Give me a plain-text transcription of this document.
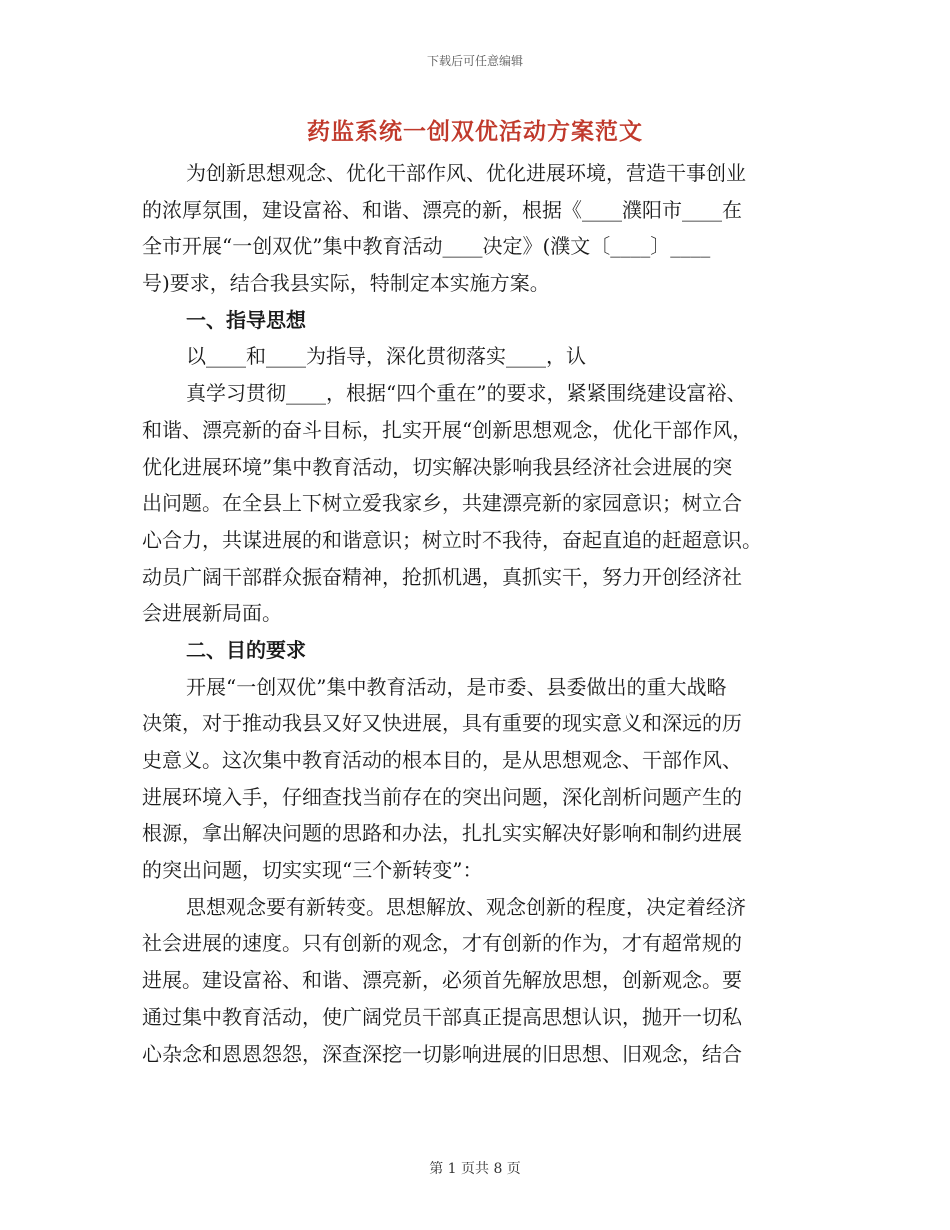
下载后可任意编辑
药监系统一创双优活动方案范文
为创新思想观念、优化干部作风、优化进展环境，营造干事创业
的浓厚氛围，建设富裕、和谐、漂亮的新，根据《____濮阳市____在
全市开展“一创双优”集中教育活动____决定》(濮文〔____〕____
号)要求，结合我县实际，特制定本实施方案。
一、指导思想
以____和____为指导，深化贯彻落实____，认
真学习贯彻____，根据“四个重在”的要求，紧紧围绕建设富裕、
和谐、漂亮新的奋斗目标，扎实开展“创新思想观念，优化干部作风，
优化进展环境”集中教育活动，切实解决影响我县经济社会进展的突
出问题。在全县上下树立爱我家乡，共建漂亮新的家园意识；树立合
心合力，共谋进展的和谐意识；树立时不我待，奋起直追的赶超意识。
动员广阔干部群众振奋精神，抢抓机遇，真抓实干，努力开创经济社
会进展新局面。
二、目的要求
开展“一创双优”集中教育活动，是市委、县委做出的重大战略
决策，对于推动我县又好又快进展，具有重要的现实意义和深远的历
史意义。这次集中教育活动的根本目的，是从思想观念、干部作风、
进展环境入手，仔细查找当前存在的突出问题，深化剖析问题产生的
根源，拿出解决问题的思路和办法，扎扎实实解决好影响和制约进展
的突出问题，切实实现“三个新转变”：
思想观念要有新转变。思想解放、观念创新的程度，决定着经济
社会进展的速度。只有创新的观念，才有创新的作为，才有超常规的
进展。建设富裕、和谐、漂亮新，必须首先解放思想，创新观念。要
通过集中教育活动，使广阔党员干部真正提高思想认识，抛开一切私
心杂念和恩恩怨怨，深查深挖一切影响进展的旧思想、旧观念，结合
第 1 页共 8 页
